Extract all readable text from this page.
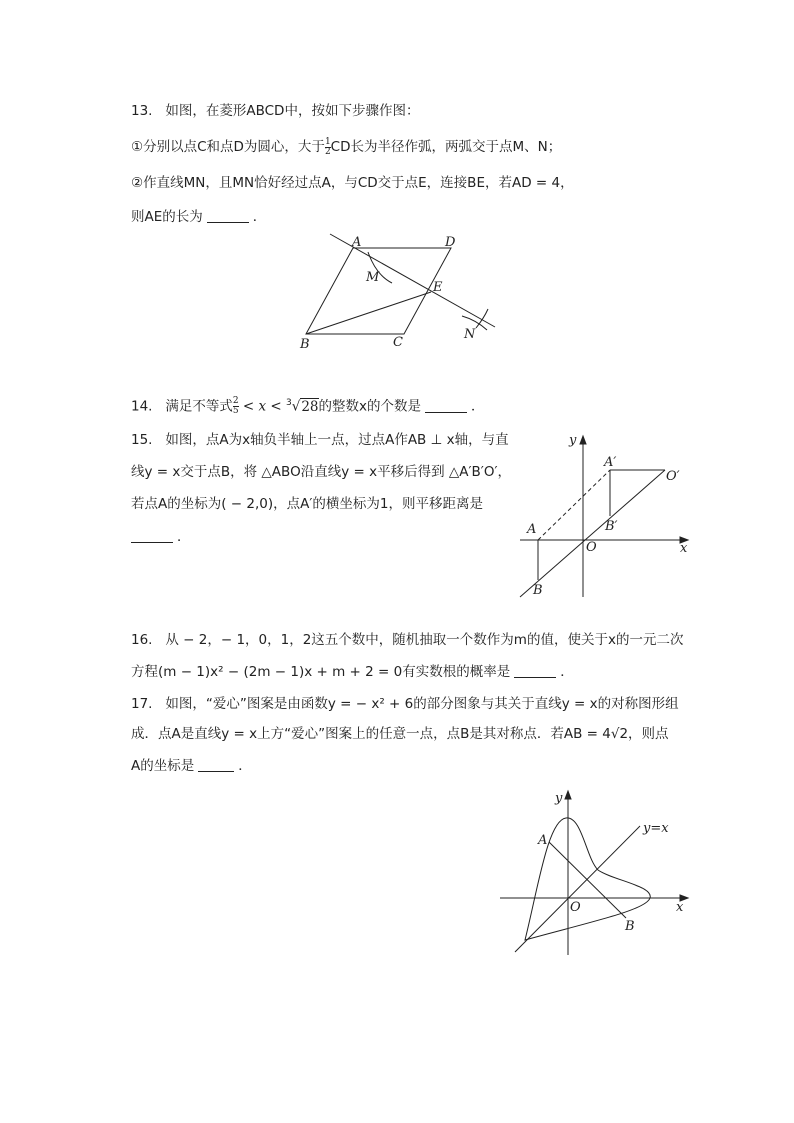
13. 如图，在菱形ABCD中，按如下步骤作图：
①分别以点C和点D为圆心，大于 $\frac{1}{2}$ CD长为半径作弧，两弧交于点M、N；
②作直线MN，且MN恰好经过点A，与CD交于点E，连接BE，若AD = 4，
则AE的长为	．
A	D
M
E
N
B	C
14. 满足不等式 $\frac{2}{5} < x < ^3√28$的整数x的个数是	．
15. 如图，点A为x轴负半轴上一点，过点A作AB ⊥ x轴，与直
线y = x交于点B，将 △ABO沿直线y = x平移后得到 △A′B′O′，
若点A的坐标为( − 2,0)，点A′的横坐标为1，则平移距离是
．
y
x
A
B
O
A′
B′
O′
16. 从 − 2，− 1，0，1，2这五个数中，随机抽取一个数作为m的值，使关于x的一元二次
方程(m − 1)x² − (2m − 1)x + m + 2 = 0有实数根的概率是	．
17. 如图，“爱心”图案是由函数y = − x² + 6的部分图象与其关于直线y = x的对称图形组
成．点A是直线y = x上方“爱心”图案上的任意一点，点B是其对称点．若AB = 4√2，则点
A的坐标是	．
y
x
O
A
B
y=x
